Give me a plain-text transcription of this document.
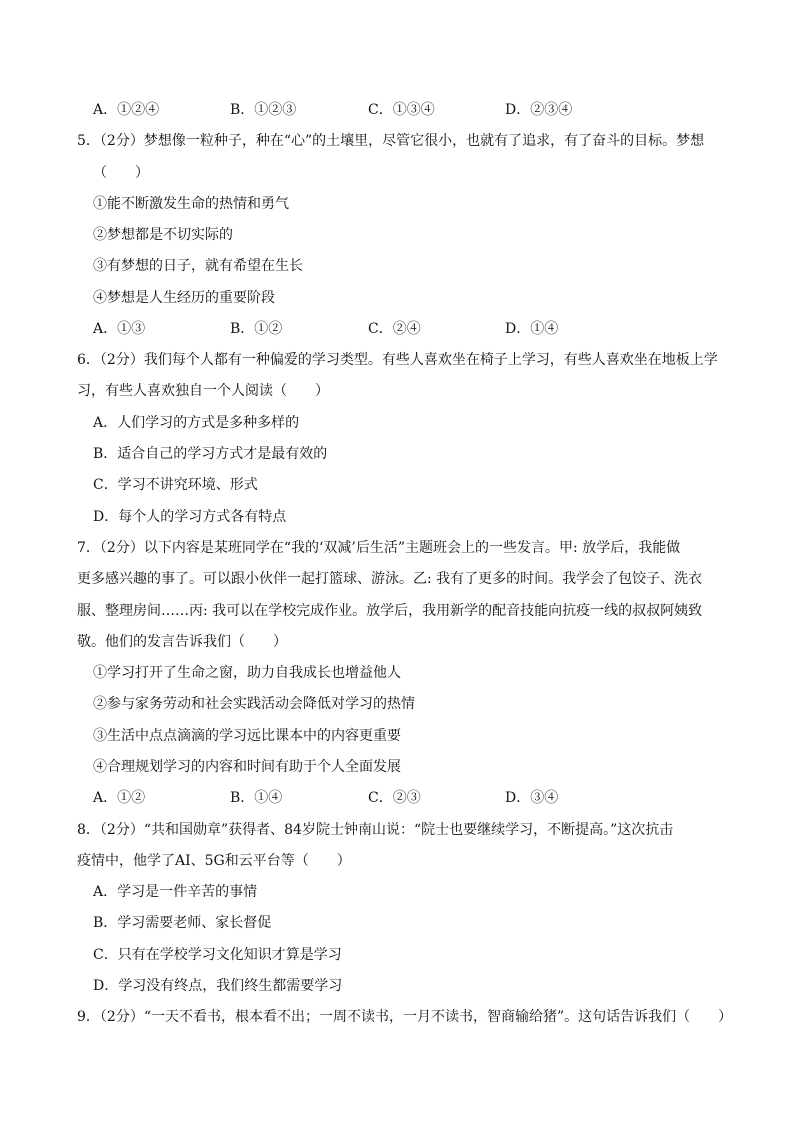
A．①②④	B．①②③	C．①③④	D．②③④
5．（2分）梦想像一粒种子，种在“心”的土壤里，尽管它很小，也就有了追求，有了奋斗的目标。梦想
（　　）
①能不断激发生命的热情和勇气
②梦想都是不切实际的
③有梦想的日子，就有希望在生长
④梦想是人生经历的重要阶段
A．①③	B．①②	C．②④	D．①④
6．（2分）我们每个人都有一种偏爱的学习类型。有些人喜欢坐在椅子上学习，有些人喜欢坐在地板上学
习，有些人喜欢独自一个人阅读（　　）
A．人们学习的方式是多种多样的
B．适合自己的学习方式才是最有效的
C．学习不讲究环境、形式
D．每个人的学习方式各有特点
7．（2分）以下内容是某班同学在“我的‘双减’后生活”主题班会上的一些发言。甲: 放学后，我能做
更多感兴趣的事了。可以跟小伙伴一起打篮球、游泳。乙: 我有了更多的时间。我学会了包饺子、洗衣
服、整理房间……丙: 我可以在学校完成作业。放学后，我用新学的配音技能向抗疫一线的叔叔阿姨致
敬。他们的发言告诉我们（　　）
①学习打开了生命之窗，助力自我成长也增益他人
②参与家务劳动和社会实践活动会降低对学习的热情
③生活中点点滴滴的学习远比课本中的内容更重要
④合理规划学习的内容和时间有助于个人全面发展
A．①②	B．①④	C．②③	D．③④
8．（2分）“共和国勋章”获得者、84岁院士钟南山说：“院士也要继续学习，不断提高。”这次抗击
疫情中，他学了AI、5G和云平台等（　　）
A．学习是一件辛苦的事情
B．学习需要老师、家长督促
C．只有在学校学习文化知识才算是学习
D．学习没有终点，我们终生都需要学习
9．（2分）“一天不看书，根本看不出；一周不读书，一月不读书，智商输给猪”。这句话告诉我们（　　）
